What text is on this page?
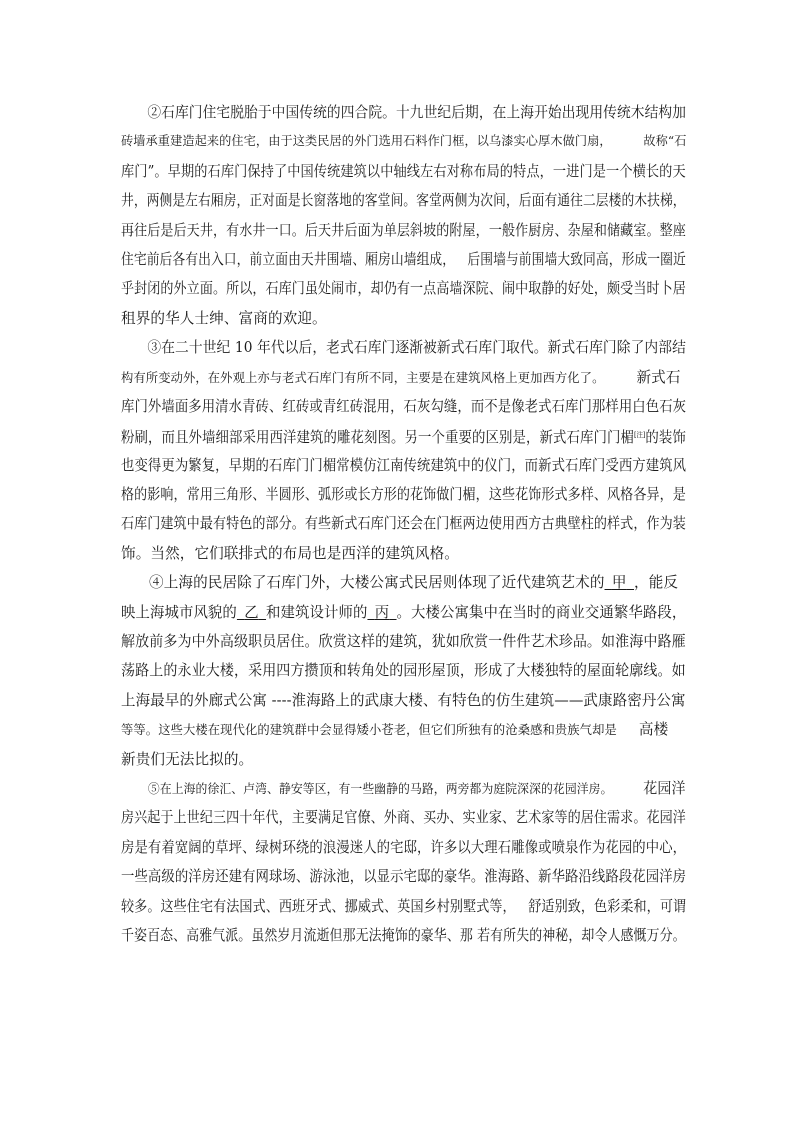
②石库门住宅脱胎于中国传统的四合院。十九世纪后期，在上海开始出现用传统木结构加
砖墙承重建造起来的住宅，由于这类民居的外门选用石料作门框，以乌漆实心厚木做门扇，	故称“石
库门”。早期的石库门保持了中国传统建筑以中轴线左右对称布局的特点，一进门是一个横长的天
井，两侧是左右厢房，正对面是长窗落地的客堂间。客堂两侧为次间，后面有通往二层楼的木扶梯，
再往后是后天井，有水井一口。后天井后面为单层斜坡的附屋，一般作厨房、杂屋和储藏室。整座
住宅前后各有出入口，前立面由天井围墙、厢房山墙组成， 后围墙与前围墙大致同高，形成一圈近
乎封闭的外立面。所以，石库门虽处闹市，却仍有一点高墙深院、闹中取静的好处，颇受当时卜居
租界的华人士绅、富商的欢迎。
③在二十世纪 10 年代以后，老式石库门逐渐被新式石库门取代。新式石库门除了内部结
构有所变动外，在外观上亦与老式石库门有所不同，主要是在建筑风格上更加西方化了。 新式石
库门外墙面多用清水青砖、红砖或青红砖混用，石灰勾缝，而不是像老式石库门那样用白色石灰
粉刷，而且外墙细部采用西洋建筑的雕花刻图。另一个重要的区别是，新式石库门门楣[注]的装饰
也变得更为繁复，早期的石库门门楣常模仿江南传统建筑中的仪门，而新式石库门受西方建筑风
格的影响，常用三角形、半圆形、弧形或长方形的花饰做门楣，这些花饰形式多样、风格各异，是
石库门建筑中最有特色的部分。有些新式石库门还会在门框两边使用西方古典壁柱的样式，作为装
饰。当然，它们联排式的布局也是西洋的建筑风格。
④上海的民居除了石库门外，大楼公寓式民居则体现了近代建筑艺术的  甲  ，能反
映上海城市风貌的  乙  和建筑设计师的  丙  。大楼公寓集中在当时的商业交通繁华路段，
解放前多为中外高级职员居住。欣赏这样的建筑，犹如欣赏一件件艺术珍品。如淮海中路雁
荡路上的永业大楼，采用四方攒顶和转角处的园形屋顶，形成了大楼独特的屋面轮廓线。如
上海最早的外廊式公寓 ----淮海路上的武康大楼、有特色的仿生建筑——武康路密丹公寓
等等。这些大楼在现代化的建筑群中会显得矮小苍老，但它们所独有的沧桑感和贵族气却是 高楼
新贵们无法比拟的。
⑤在上海的徐汇、卢湾、静安等区，有一些幽静的马路，两旁都为庭院深深的花园洋房。 花园洋
房兴起于上世纪三四十年代，主要满足官僚、外商、买办、实业家、艺术家等的居住需求。花园洋
房是有着宽阔的草坪、绿树环绕的浪漫迷人的宅邸，许多以大理石雕像或喷泉作为花园的中心，
一些高级的洋房还建有网球场、游泳池，以显示宅邸的豪华。淮海路、新华路沿线路段花园洋房
较多。这些住宅有法国式、西班牙式、挪威式、英国乡村别墅式等， 舒适别致，色彩柔和，可谓
千姿百态、高雅气派。虽然岁月流逝但那无法掩饰的豪华、那 若有所失的神秘，却令人感慨万分。
